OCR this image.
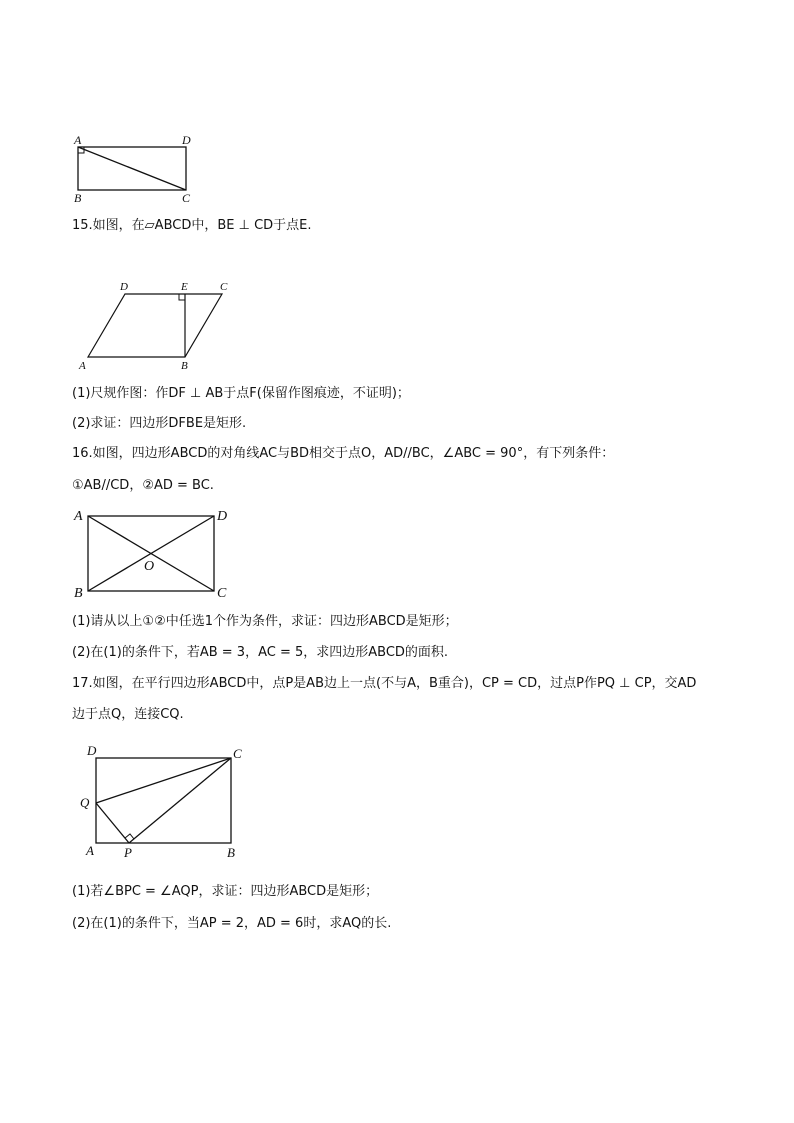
A	D
B	C
15.如图，在▱ABCD中，BE ⊥ CD于点E.
D	E	C
A	B
(1)尺规作图：作DF ⊥ AB于点F(保留作图痕迹，不证明)；
(2)求证：四边形DFBE是矩形.
16.如图，四边形ABCD的对角线AC与BD相交于点O，AD//BC，∠ABC = 90°，有下列条件：
①AB//CD，②AD = BC.
A	D
B	C
O
(1)请从以上①②中任选1个作为条件，求证：四边形ABCD是矩形；
(2)在(1)的条件下，若AB = 3，AC = 5，求四边形ABCD的面积.
17.如图，在平行四边形ABCD中，点P是AB边上一点(不与A，B重合)，CP = CD，过点P作PQ ⊥ CP，交AD
边于点Q，连接CQ.
D	C
Q
A P	B
(1)若∠BPC = ∠AQP，求证：四边形ABCD是矩形；
(2)在(1)的条件下，当AP = 2，AD = 6时，求AQ的长.
